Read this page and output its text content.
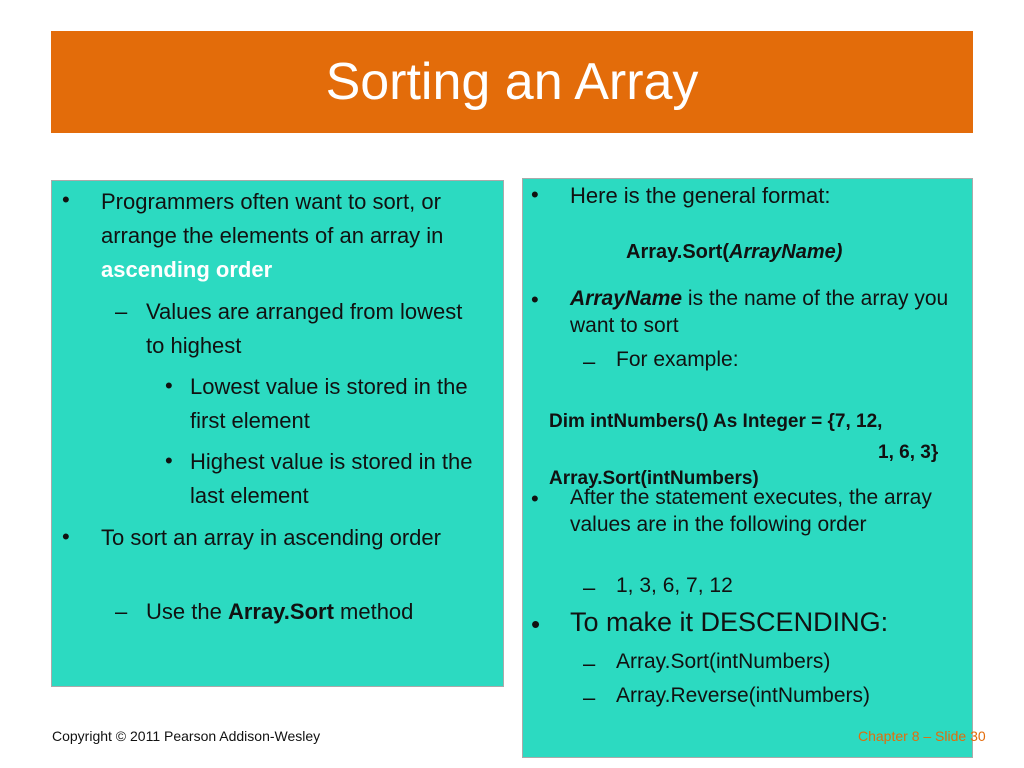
Sorting an Array
• Programmers often want to sort, or arrange the elements of an array in ascending order
– Values are arranged from lowest to highest
• Lowest value is stored in the first element
• Highest value is stored in the last element
• To sort an array in ascending order
– Use the Array.Sort method
• Here is the general format:
Array.Sort(ArrayName)
• ArrayName is the name of the array you want to sort
– For example:
Dim intNumbers() As Integer = {7, 12,
1, 6, 3}
Array.Sort(intNumbers)
• After the statement executes, the array values are in the following order
– 1, 3, 6, 7, 12
• To make it DESCENDING:
– Array.Sort(intNumbers)
– Array.Reverse(intNumbers)
Copyright © 2011 Pearson Addison-Wesley	Chapter 8 – Slide 30
